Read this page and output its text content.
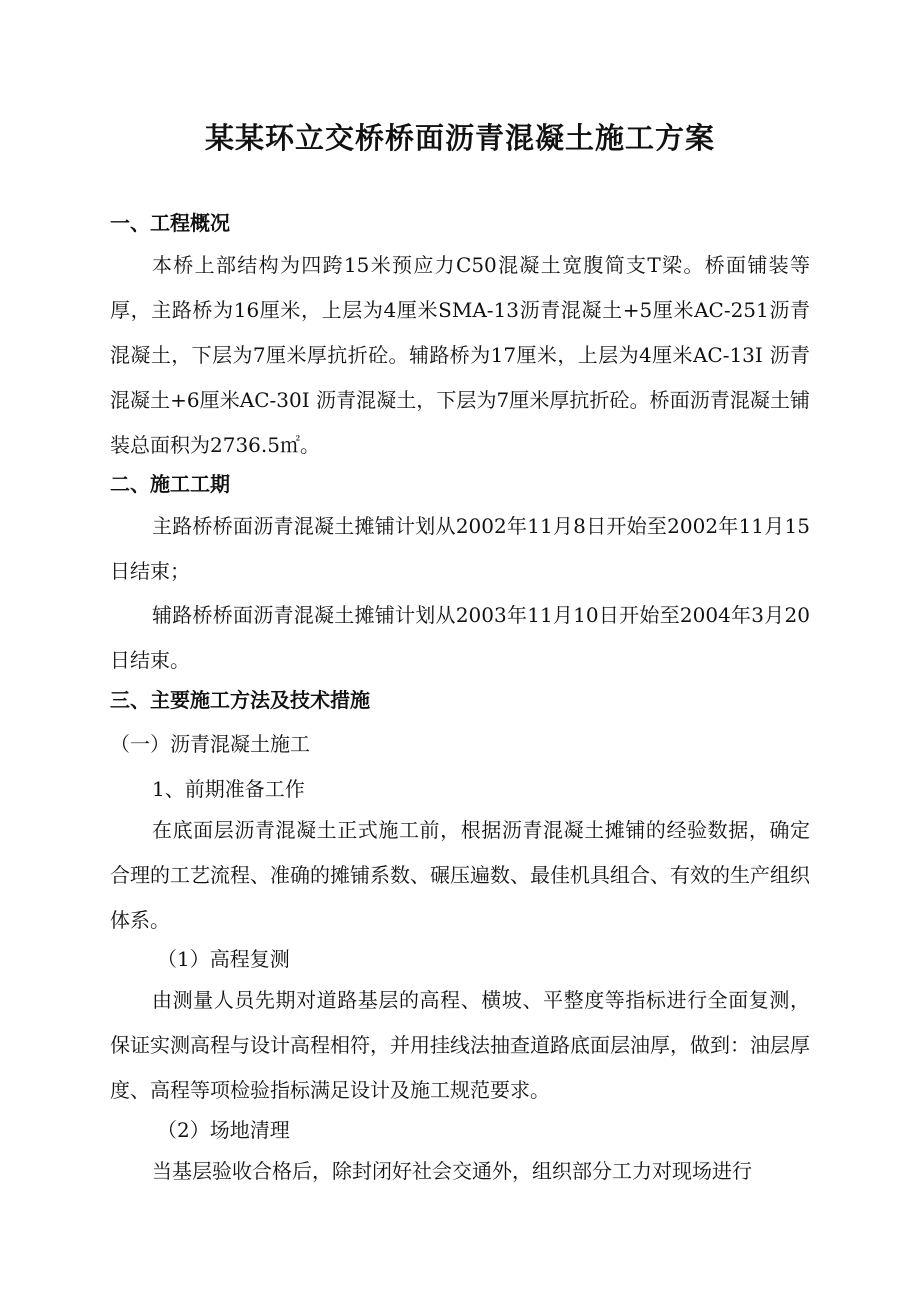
某某环立交桥桥面沥青混凝土施工方案
一、工程概况
本桥上部结构为四跨15米预应力C50混凝土宽腹简支T梁。桥面铺装等厚，主路桥为16厘米，上层为4厘米SMA-13沥青混凝土+5厘米AC-251沥青混凝土，下层为7厘米厚抗折砼。辅路桥为17厘米，上层为4厘米AC-13I 沥青混凝土+6厘米AC-30I 沥青混凝土，下层为7厘米厚抗折砼。桥面沥青混凝土铺装总面积为2736.5㎡。
二、施工工期
主路桥桥面沥青混凝土摊铺计划从2002年11月8日开始至2002年11月15日结束；
辅路桥桥面沥青混凝土摊铺计划从2003年11月10日开始至2004年3月20日结束。
三、主要施工方法及技术措施
（一）沥青混凝土施工
1、前期准备工作
在底面层沥青混凝土正式施工前，根据沥青混凝土摊铺的经验数据，确定合理的工艺流程、准确的摊铺系数、碾压遍数、最佳机具组合、有效的生产组织体系。
（1）高程复测
由测量人员先期对道路基层的高程、横坡、平整度等指标进行全面复测，保证实测高程与设计高程相符，并用挂线法抽查道路底面层油厚，做到：油层厚度、高程等项检验指标满足设计及施工规范要求。
（2）场地清理
当基层验收合格后，除封闭好社会交通外，组织部分工力对现场进行
